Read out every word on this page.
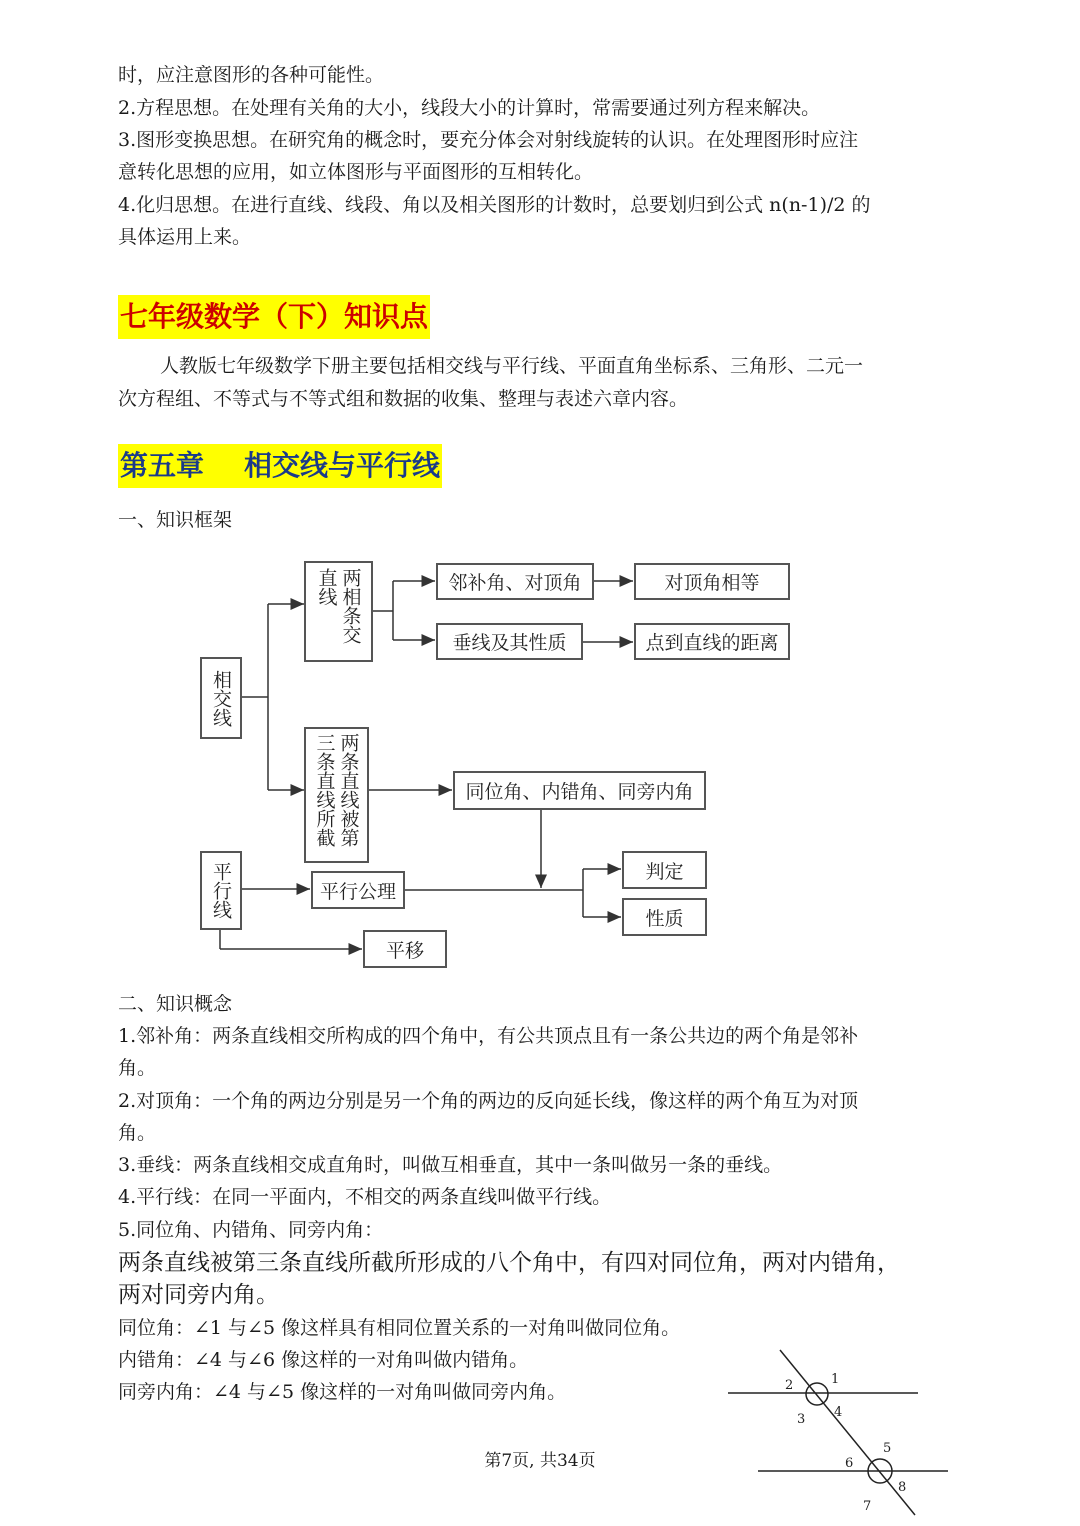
时，应注意图形的各种可能性。
2.方程思想。在处理有关角的大小，线段大小的计算时，常需要通过列方程来解决。
3.图形变换思想。在研究角的概念时，要充分体会对射线旋转的认识。在处理图形时应注
意转化思想的应用，如立体图形与平面图形的互相转化。
4.化归思想。在进行直线、线段、角以及相关图形的计数时，总要划归到公式 n(n-1)/2 的
具体运用上来。
七年级数学（下）知识点
人教版七年级数学下册主要包括相交线与平行线、平面直角坐标系、三角形、二元一
次方程组、不等式与不等式组和数据的收集、整理与表述六章内容。
第五章 相交线与平行线
一、知识框架
相交线
两相条交直线	邻补角、对顶角	对顶角相等
垂线及其性质	点到直线的距离
两条直线被第三条直线所截	同位角、内错角、同旁内角
平行线	平行公理
判定
性质
平移
二、知识概念
1.邻补角：两条直线相交所构成的四个角中，有公共顶点且有一条公共边的两个角是邻补
角。
2.对顶角：一个角的两边分别是另一个角的两边的反向延长线，像这样的两个角互为对顶
角。
3.垂线：两条直线相交成直角时，叫做互相垂直，其中一条叫做另一条的垂线。
4.平行线：在同一平面内，不相交的两条直线叫做平行线。
5.同位角、内错角、同旁内角：
两条直线被第三条直线所截所形成的八个角中，有四对同位角，两对内错角，
两对同旁内角。
同位角：∠1 与∠5 像这样具有相同位置关系的一对角叫做同位角。
内错角：∠4 与∠6 像这样的一对角叫做内错角。
同旁内角：∠4 与∠5 像这样的一对角叫做同旁内角。
1
2
3 4
5
6
7
8
第7页, 共34页
